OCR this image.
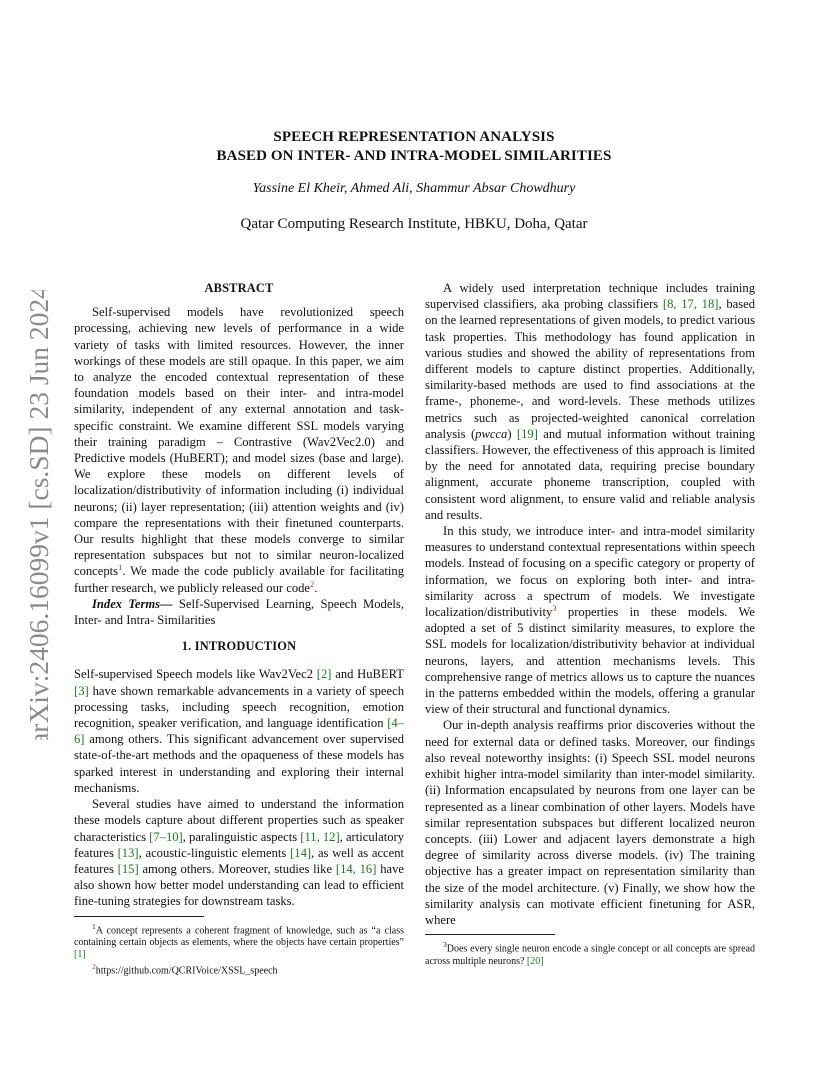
arXiv:2406.16099v1 [cs.SD] 23 Jun 2024
SPEECH REPRESENTATION ANALYSIS
BASED ON INTER- AND INTRA-MODEL SIMILARITIES
Yassine El Kheir, Ahmed Ali, Shammur Absar Chowdhury
Qatar Computing Research Institute, HBKU, Doha, Qatar
ABSTRACT

Self-supervised models have revolutionized speech processing, achieving new levels of performance in a wide variety of tasks with limited resources. However, the inner workings of these models are still opaque. In this paper, we aim to analyze the encoded contextual representation of these foundation models based on their inter- and intra-model similarity, independent of any external annotation and task-specific constraint. We examine different SSL models varying their training paradigm – Contrastive (Wav2Vec2.0) and Predictive models (HuBERT); and model sizes (base and large). We explore these models on different levels of localization/distributivity of information including (i) individual neurons; (ii) layer representation; (iii) attention weights and (iv) compare the representations with their finetuned counterparts. Our results highlight that these models converge to similar representation subspaces but not to similar neuron-localized concepts$^1$. We made the code publicly available for facilitating further research, we publicly released our code$^2$.

Index Terms— Self-Supervised Learning, Speech Models, Inter- and Intra- Similarities

1. INTRODUCTION

Self-supervised Speech models like Wav2Vec2 [2] and HuBERT [3] have shown remarkable advancements in a variety of speech processing tasks, including speech recognition, emotion recognition, speaker verification, and language identification [4–6] among others. This significant advancement over supervised state-of-the-art methods and the opaqueness of these models has sparked interest in understanding and exploring their internal mechanisms.

Several studies have aimed to understand the information these models capture about different properties such as speaker characteristics [7–10], paralinguistic aspects [11, 12], articulatory features [13], acoustic-linguistic elements [14], as well as accent features [15] among others. Moreover, studies like [14, 16] have also shown how better model understanding can lead to efficient fine-tuning strategies for downstream tasks.

$^1$A concept represents a coherent fragment of knowledge, such as “a class containing certain objects as elements, where the objects have certain properties” [1]

$^2$https://github.com/QCRIVoice/XSSL_speech

A widely used interpretation technique includes training supervised classifiers, aka probing classifiers [8, 17, 18], based on the learned representations of given models, to predict various task properties. This methodology has found application in various studies and showed the ability of representations from different models to capture distinct properties. Additionally, similarity-based methods are used to find associations at the frame-, phoneme-, and word-levels. These methods utilizes metrics such as projected-weighted canonical correlation analysis (pwcca) [19] and mutual information without training classifiers. However, the effectiveness of this approach is limited by the need for annotated data, requiring precise boundary alignment, accurate phoneme transcription, coupled with consistent word alignment, to ensure valid and reliable analysis and results.

In this study, we introduce inter- and intra-model similarity measures to understand contextual representations within speech models. Instead of focusing on a specific category or property of information, we focus on exploring both inter- and intra-similarity across a spectrum of models. We investigate localization/distributivity$^3$ properties in these models. We adopted a set of 5 distinct similarity measures, to explore the SSL models for localization/distributivity behavior at individual neurons, layers, and attention mechanisms levels. This comprehensive range of metrics allows us to capture the nuances in the patterns embedded within the models, offering a granular view of their structural and functional dynamics.

Our in-depth analysis reaffirms prior discoveries without the need for external data or defined tasks. Moreover, our findings also reveal noteworthy insights: (i) Speech SSL model neurons exhibit higher intra-model similarity than inter-model similarity. (ii) Information encapsulated by neurons from one layer can be represented as a linear combination of other layers. Models have similar representation subspaces but different localized neuron concepts. (iii) Lower and adjacent layers demonstrate a high degree of similarity across diverse models. (iv) The training objective has a greater impact on representation similarity than the size of the model architecture. (v) Finally, we show how the similarity analysis can motivate efficient finetuning for ASR, where

$^3$Does every single neuron encode a single concept or all concepts are spread across multiple neurons? [20]
